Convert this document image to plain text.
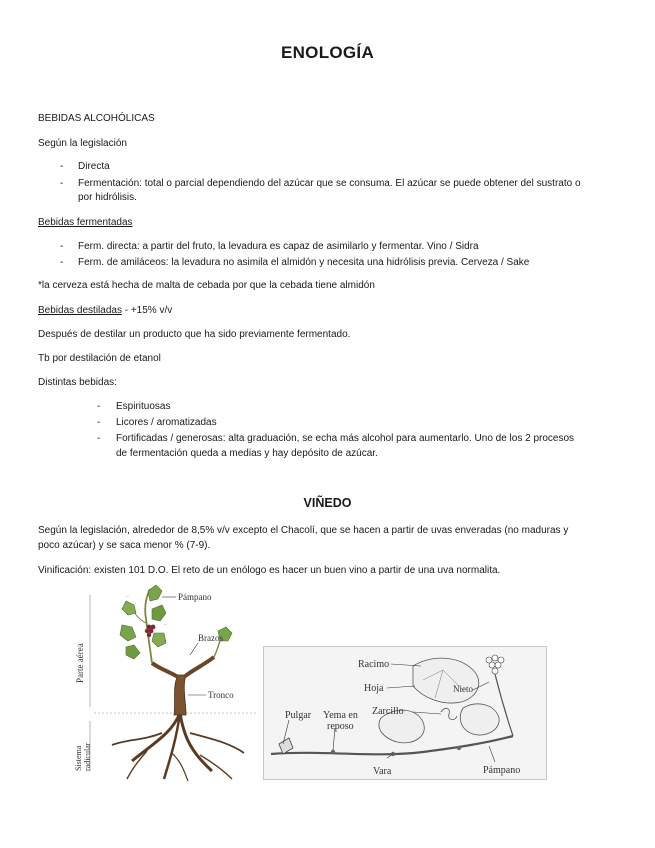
ENOLOGÍA
BEBIDAS ALCOHÓLICAS
Según la legislación
- Directa
- Fermentación: total o parcial dependiendo del azúcar que se consuma. El azúcar se puede obtener del sustrato o
por hidrólisis.
Bebidas fermentadas
- Ferm. directa: a partir del fruto, la levadura es capaz de asimilarlo y fermentar. Vino / Sidra
- Ferm. de amiláceos: la levadura no asimila el almidón y necesita una hidrólisis previa. Cerveza / Sake
*la cerveza está hecha de malta de cebada por que la cebada tiene almidón
Bebidas destiladas - +15% v/v
Después de destilar un producto que ha sido previamente fermentado.
Tb por destilación de etanol
Distintas bebidas:
- Espirituosas
- Licores / aromatizadas
- Fortificadas / generosas: alta graduación, se echa más alcohol para aumentarlo. Uno de los 2 procesos
de fermentación queda a medias y hay depósito de azúcar.
VIÑEDO
Según la legislación, alrededor de 8,5% v/v excepto el Chacolí, que se hacen a partir de uvas enveradas (no maduras y
poco azúcar) y se saca menor % (7-9).
Vinificación: existen 101 D.O. El reto de un enólogo es hacer un buen vino a partir de una uva normalita.
Parte aérea
Sistema radicular
—
—
—
Pámpano
Brazos
Tronco
Racimo
Hoja	Nieto
Zarcillo
Pulgar Yema en
reposo
Vara	Pámpano
